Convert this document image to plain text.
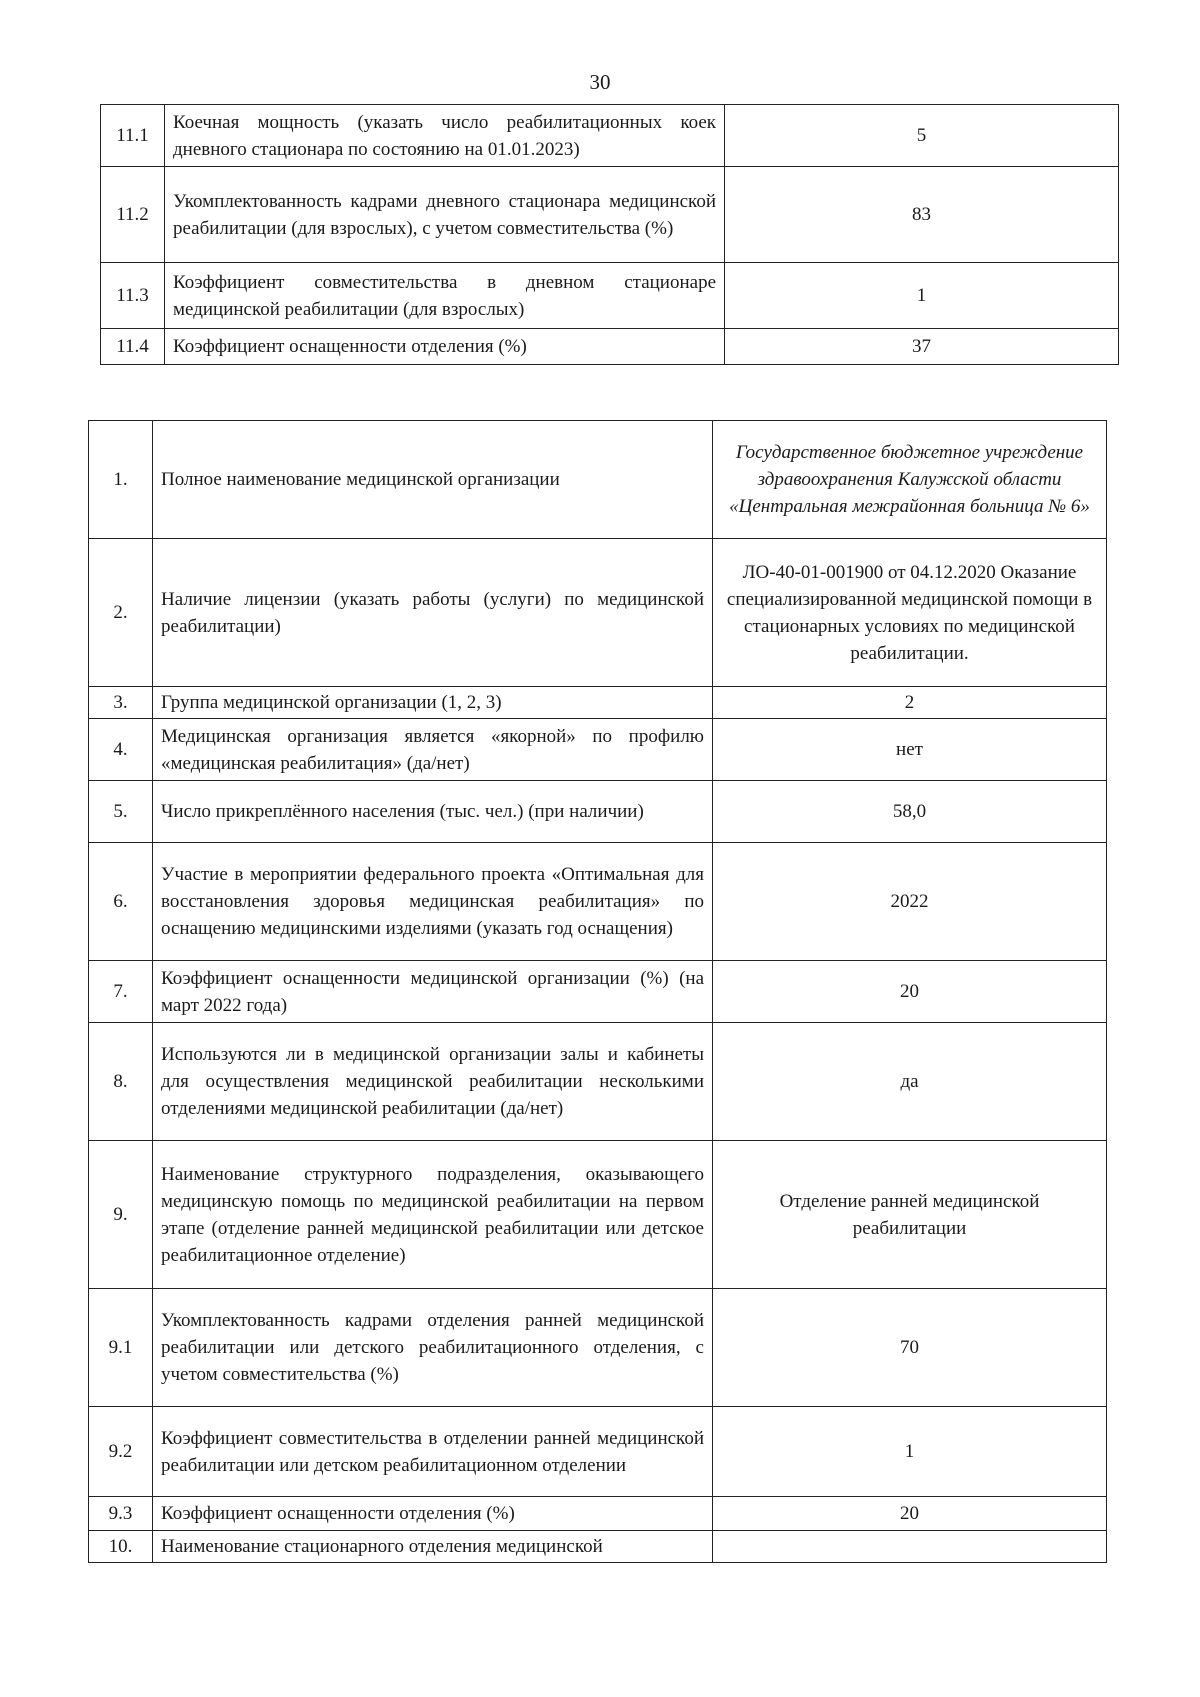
30
11.1	Коечная мощность (указать число реабилитационных коек дневного стационара по состоянию на 01.01.2023)	5
11.2	Укомплектованность кадрами дневного стационара медицинской реабилитации (для взрослых), с учетом совместительства (%)	83
11.3	Коэффициент совместительства в дневном стационаре медицинской реабилитации (для взрослых)	1
11.4	Коэффициент оснащенности отделения (%)	37
1.	Полное наименование медицинской организации	Государственное бюджетное учреждение здравоохранения Калужской области «Центральная межрайонная больница № 6»
2.	Наличие лицензии (указать работы (услуги) по медицинской реабилитации)	ЛО-40-01-001900 от 04.12.2020 Оказание специализированной медицинской помощи в стационарных условиях по медицинской реабилитации.
3.	Группа медицинской организации (1, 2, 3)	2
4.	Медицинская организация является «якорной» по профилю «медицинская реабилитация» (да/нет)	нет
5.	Число прикреплённого населения (тыс. чел.) (при наличии)	58,0
6.	Участие в мероприятии федерального проекта «Оптимальная для восстановления здоровья медицинская реабилитация» по оснащению медицинскими изделиями (указать год оснащения)	2022
7.	Коэффициент оснащенности медицинской организации (%) (на март 2022 года)	20
8.	Используются ли в медицинской организации залы и кабинеты для осуществления медицинской реабилитации несколькими отделениями медицинской реабилитации (да/нет)	да
9.	Наименование структурного подразделения, оказывающего медицинскую помощь по медицинской реабилитации на первом этапе (отделение ранней медицинской реабилитации или детское реабилитационное отделение)	Отделение ранней медицинской реабилитации
9.1	Укомплектованность кадрами отделения ранней медицинской реабилитации или детского реабилитационного отделения, с учетом совместительства (%)	70
9.2	Коэффициент совместительства в отделении ранней медицинской реабилитации или детском реабилитационном отделении	1
9.3	Коэффициент оснащенности отделения (%)	20
10.	Наименование стационарного отделения медицинской	
